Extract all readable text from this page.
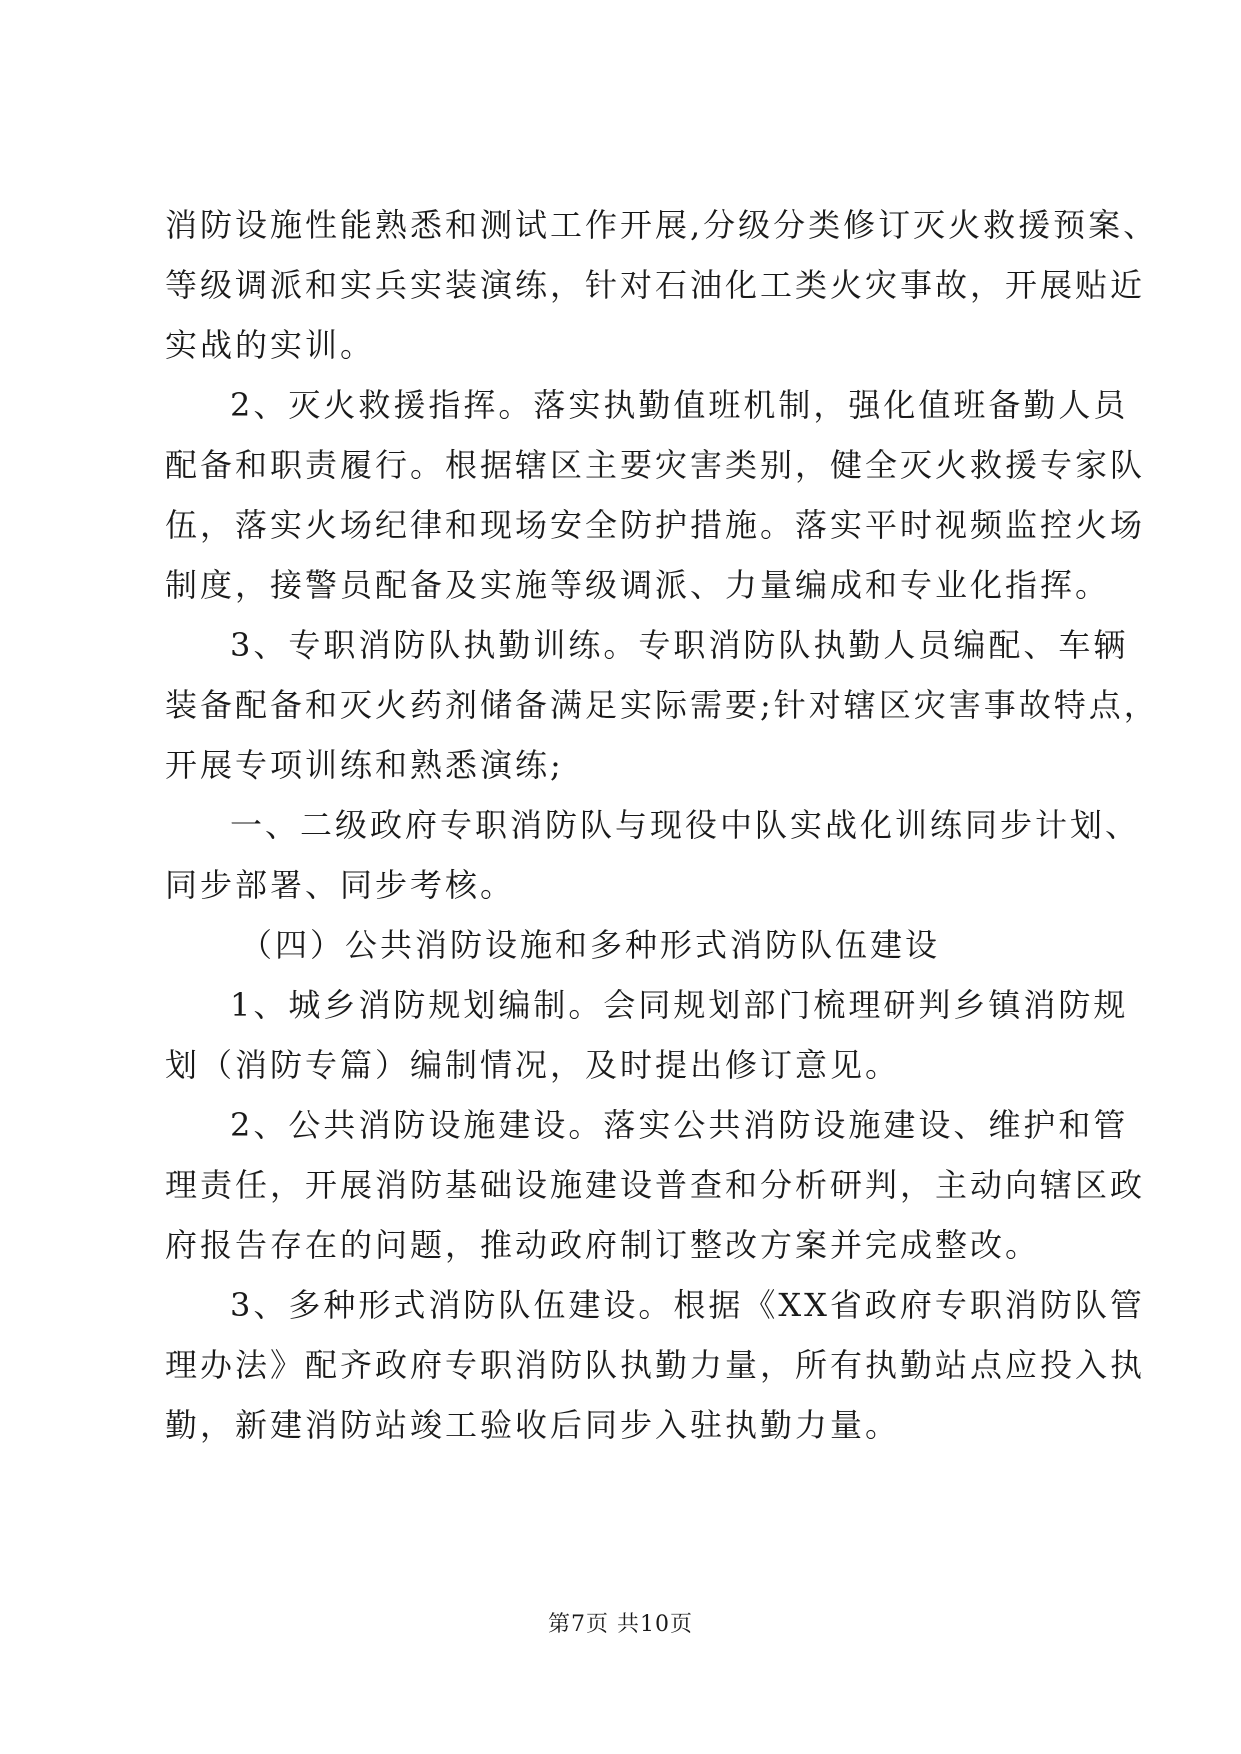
消防设施性能熟悉和测试工作开展,分级分类修订灭火救援预案、
等级调派和实兵实装演练，针对石油化工类火灾事故，开展贴近
实战的实训。
2、灭火救援指挥。落实执勤值班机制，强化值班备勤人员
配备和职责履行。根据辖区主要灾害类别，健全灭火救援专家队
伍，落实火场纪律和现场安全防护措施。落实平时视频监控火场
制度，接警员配备及实施等级调派、力量编成和专业化指挥。
3、专职消防队执勤训练。专职消防队执勤人员编配、车辆
装备配备和灭火药剂储备满足实际需要;针对辖区灾害事故特点，
开展专项训练和熟悉演练;
一、二级政府专职消防队与现役中队实战化训练同步计划、
同步部署、同步考核。
（四）公共消防设施和多种形式消防队伍建设
1、城乡消防规划编制。会同规划部门梳理研判乡镇消防规
划（消防专篇）编制情况，及时提出修订意见。
2、公共消防设施建设。落实公共消防设施建设、维护和管
理责任，开展消防基础设施建设普查和分析研判，主动向辖区政
府报告存在的问题，推动政府制订整改方案并完成整改。
3、多种形式消防队伍建设。根据《XX省政府专职消防队管
理办法》配齐政府专职消防队执勤力量，所有执勤站点应投入执
勤，新建消防站竣工验收后同步入驻执勤力量。
第7页 共10页
